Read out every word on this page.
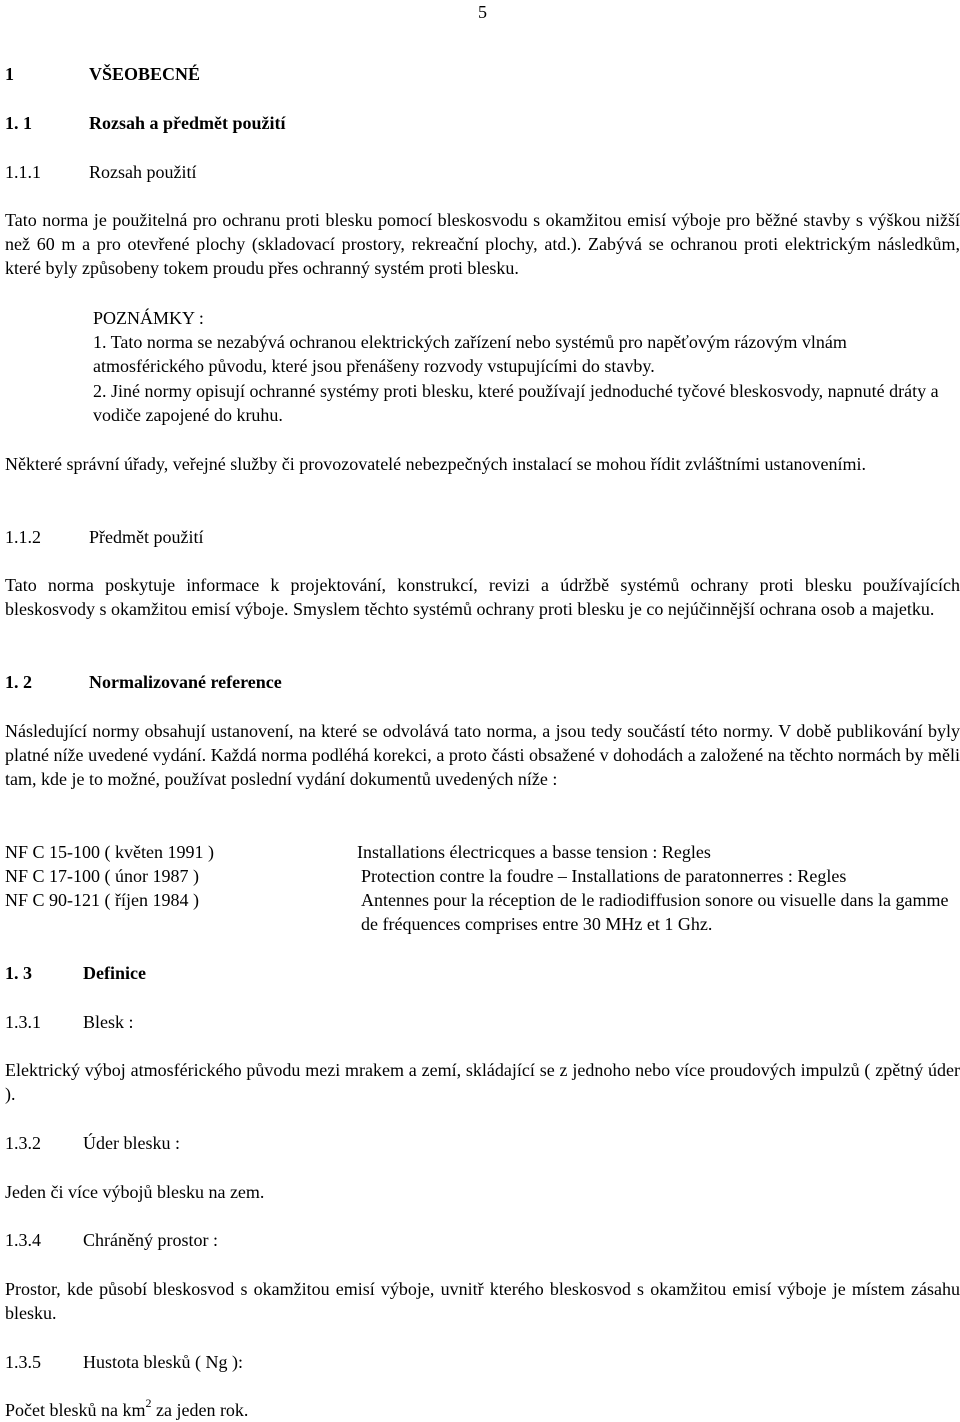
5
1	VŠEOBECNÉ
1. 1	Rozsah a předmět použití
1.1.1	Rozsah použití
Tato norma je použitelná pro ochranu proti blesku pomocí bleskosvodu s okamžitou emisí výboje pro běžné stavby s výškou nižší než 60 m a pro otevřené plochy (skladovací prostory, rekreační plochy, atd.). Zabývá se ochranou proti elektrickým následkům, které byly způsobeny tokem proudu přes ochranný systém proti blesku.
POZNÁMKY :
1. Tato norma se nezabývá ochranou elektrických zařízení nebo systémů pro napěťovým rázovým vlnám atmosférického původu, které jsou přenášeny rozvody vstupujícími do stavby.
2. Jiné normy opisují ochranné systémy proti blesku, které používají jednoduché tyčové bleskosvody, napnuté dráty a vodiče zapojené do kruhu.
Některé správní úřady, veřejné služby či provozovatelé nebezpečných instalací se mohou řídit zvláštními ustanoveními.
1.1.2	Předmět použití
Tato norma poskytuje informace k projektování, konstrukcí, revizi a údržbě systémů ochrany proti blesku používajících bleskosvody s okamžitou emisí výboje. Smyslem těchto systémů ochrany proti blesku je co nejúčinnější ochrana osob a majetku.
1. 2	Normalizované reference
Následující normy obsahují ustanovení, na které se odvolává tato norma, a jsou tedy součástí této normy. V době publikování byly platné níže uvedené vydání. Každá norma podléhá korekci, a proto části obsažené v dohodách a založené na těchto normách by měli tam, kde je to možné, používat poslední vydání dokumentů uvedených níže :
NF C 15-100 ( květen 1991 )	Installations électricques a basse tension : Regles
NF C 17-100 ( únor 1987 )	Protection contre la foudre – Installations de paratonnerres : Regles
NF C 90-121 ( říjen 1984 )	Antennes pour la réception de le radiodiffusion sonore ou visuelle dans la gamme de fréquences comprises entre 30 MHz et 1 Ghz.
1. 3	Definice
1.3.1 Blesk :
Elektrický výboj atmosférického původu mezi mrakem a zemí, skládající se z jednoho nebo více proudových impulzů ( zpětný úder ).
1.3.2 Úder blesku :
Jeden či více výbojů blesku na zem.
1.3.4 Chráněný prostor :
Prostor, kde působí bleskosvod s okamžitou emisí výboje, uvnitř kterého bleskosvod s okamžitou emisí výboje je místem zásahu blesku.
1.3.5 Hustota blesků ( Ng ):
Počet blesků na $km^2$ za jeden rok.
